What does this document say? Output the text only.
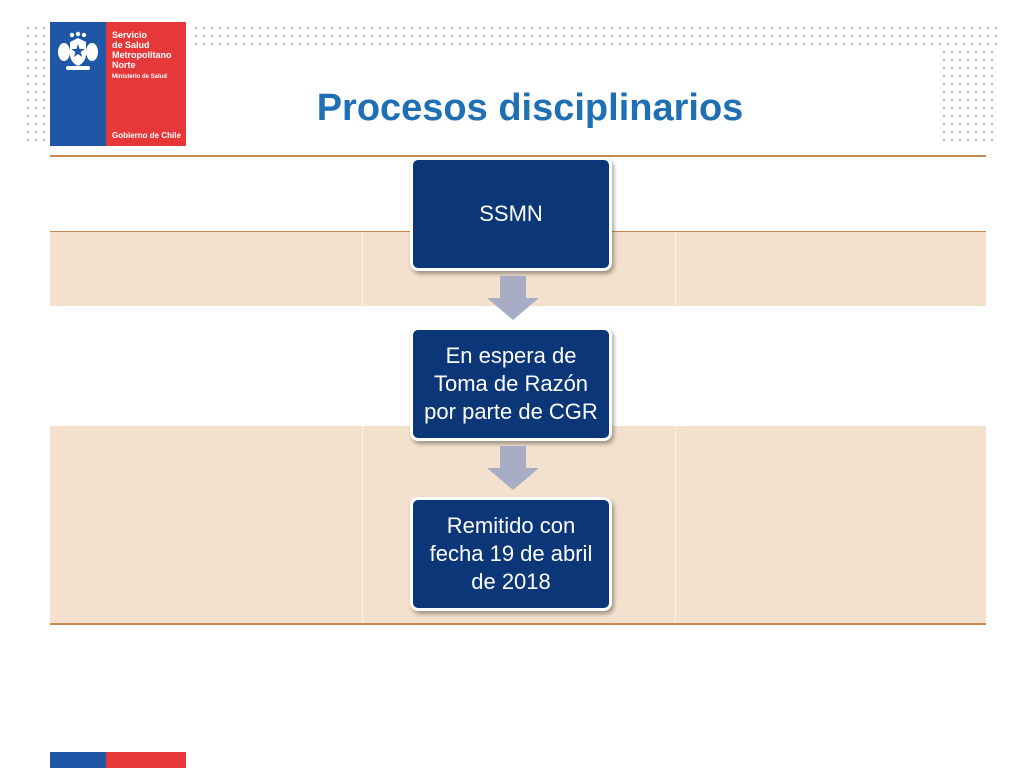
Servicio
de Salud
Metropolitano
Norte
Ministerio de Salud
Gobierno de Chile
Procesos disciplinarios
SSMN
En espera de Toma de Razón por parte de CGR
Remitido con fecha 19 de abril de 2018
